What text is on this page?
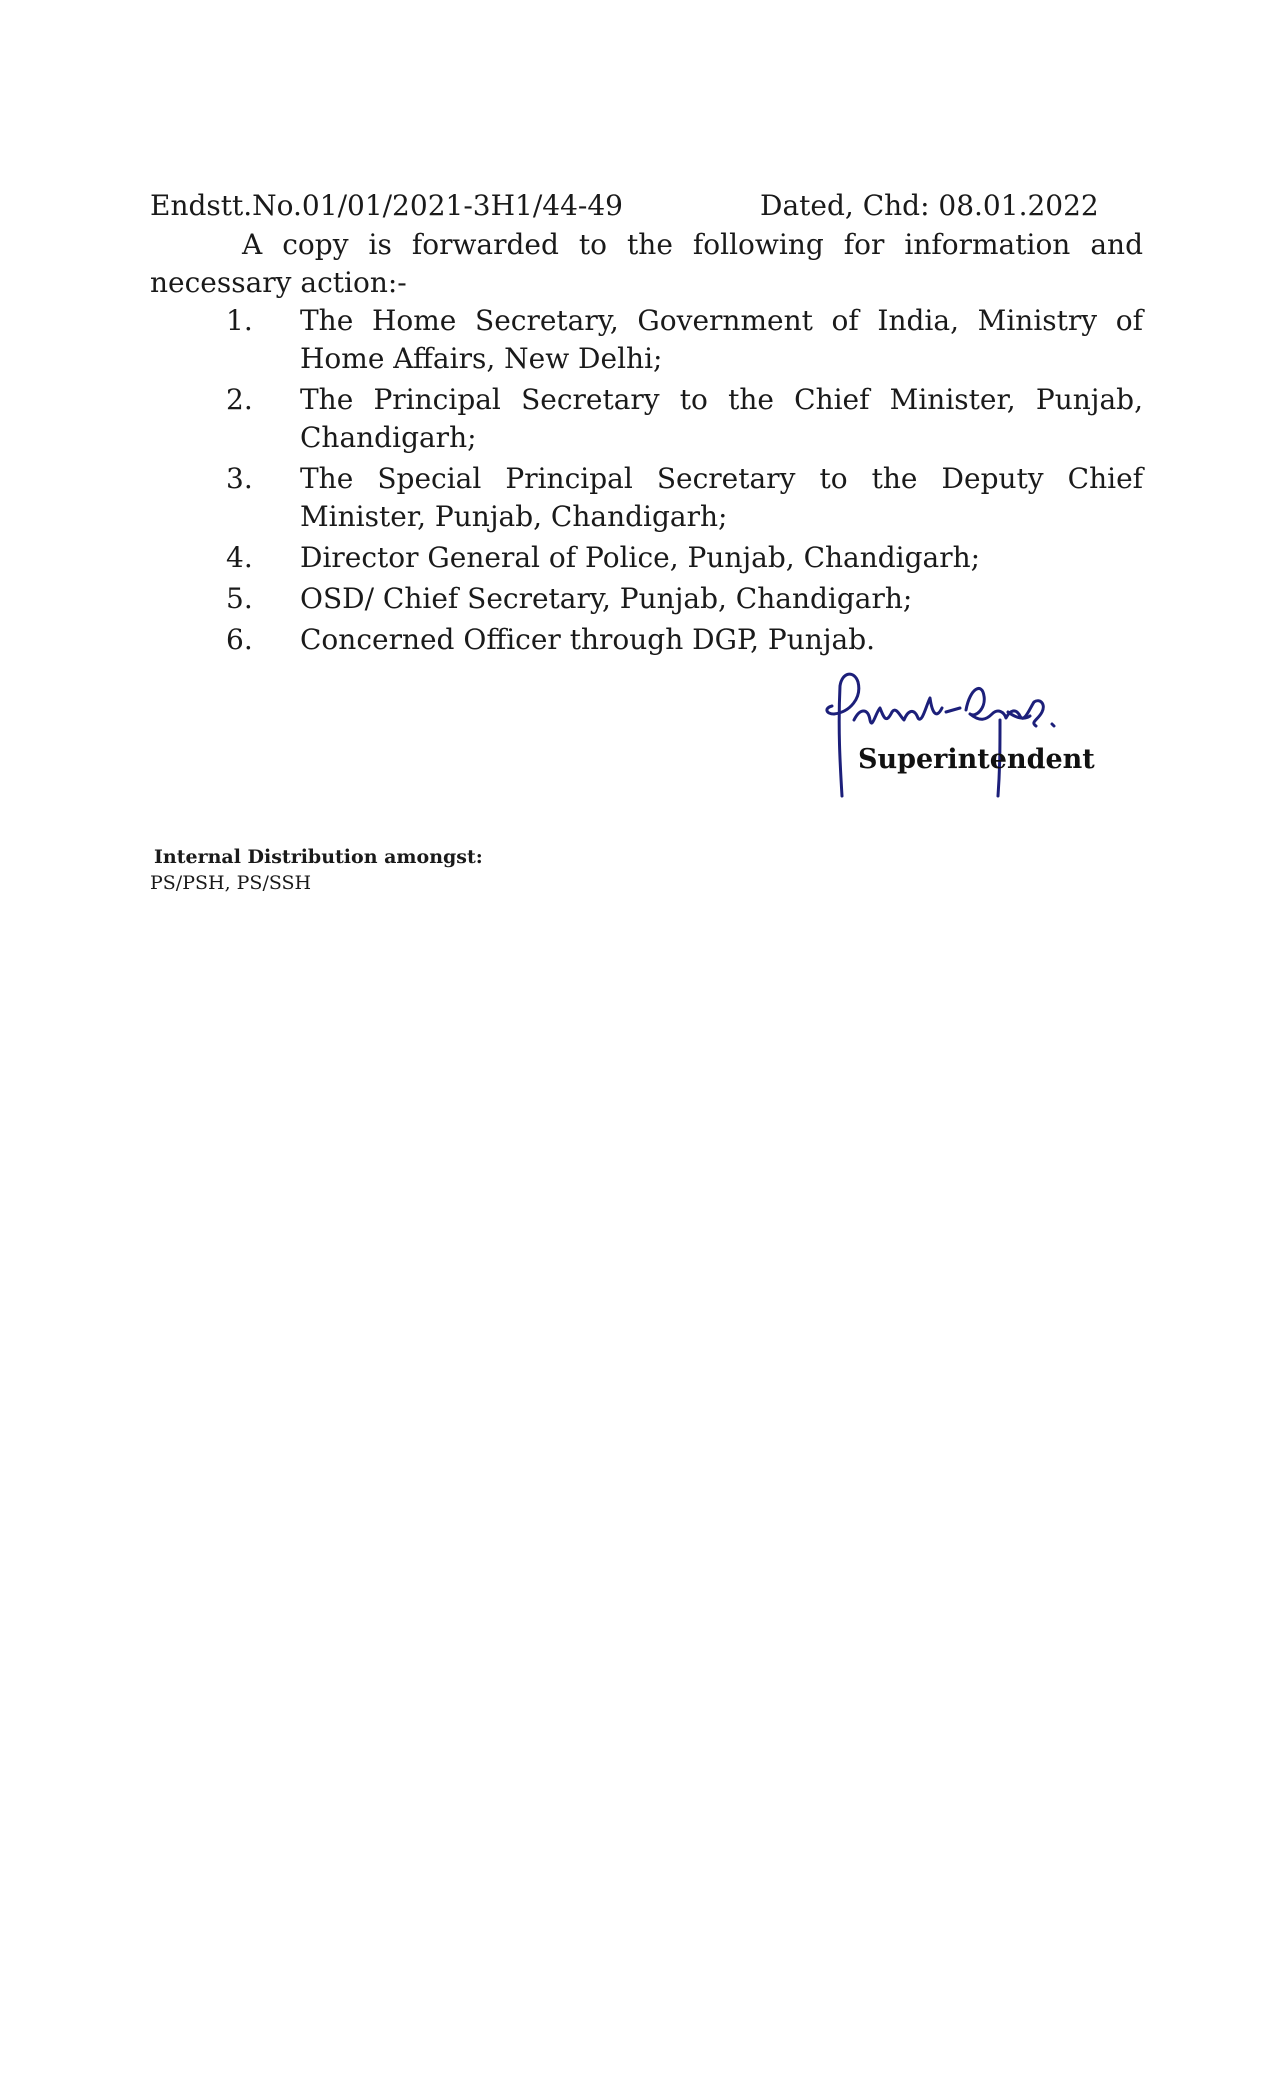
Endstt.No.01/01/2021-3H1/44-49	Dated, Chd: 08.01.2022
A copy is forwarded to the following for information and necessary action:-
1. The Home Secretary, Government of India, Ministry of Home Affairs, New Delhi;
2. The Principal Secretary to the Chief Minister, Punjab, Chandigarh;
3. The Special Principal Secretary to the Deputy Chief Minister, Punjab, Chandigarh;
4. Director General of Police, Punjab, Chandigarh;
5. OSD/ Chief Secretary, Punjab, Chandigarh;
6. Concerned Officer through DGP, Punjab.
Superintendent
Internal Distribution amongst:
PS/PSH, PS/SSH
